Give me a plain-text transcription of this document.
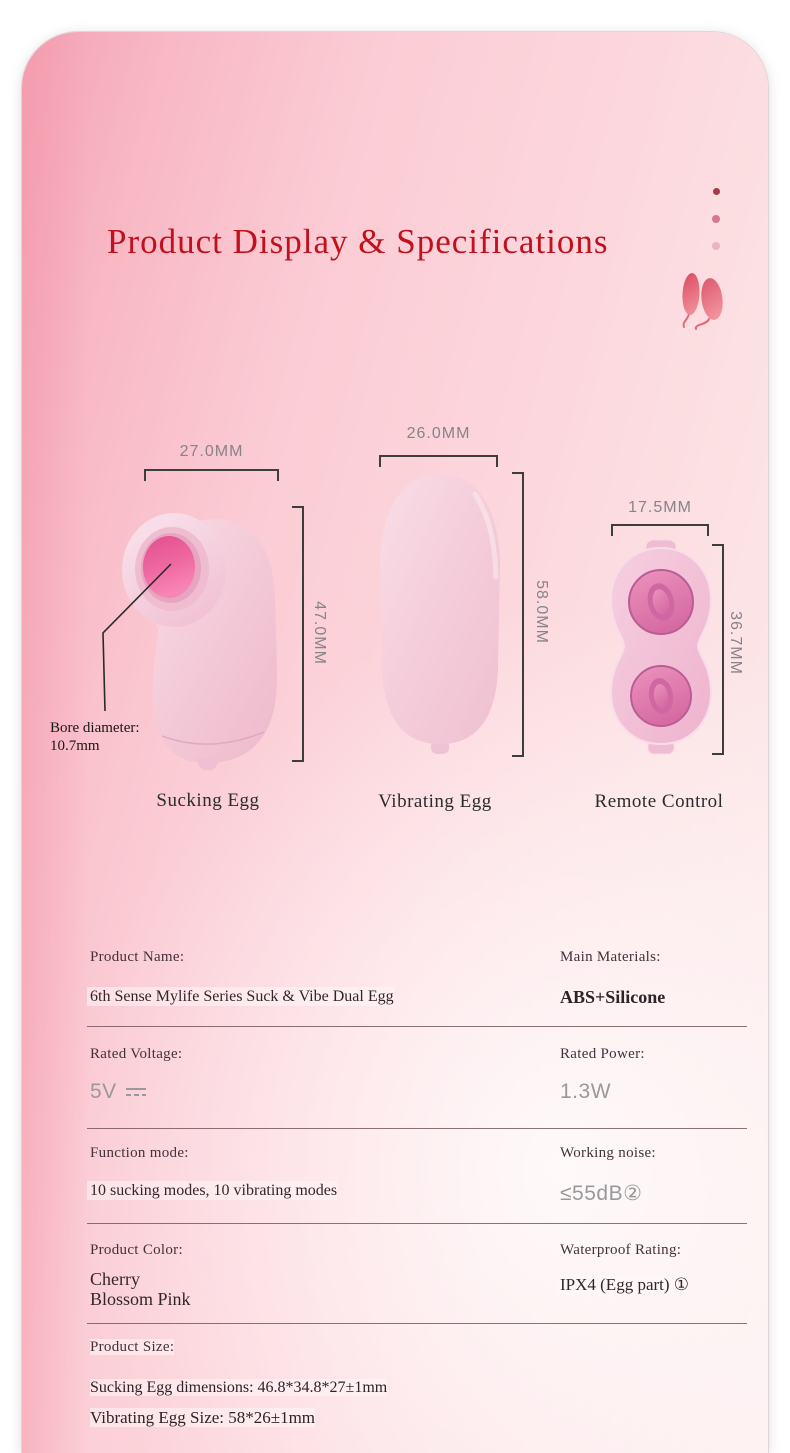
Product Display & Specifications
27.0MM
47.0MM
Bore diameter:
10.7mm
Sucking Egg
26.0MM
58.0MM
Vibrating Egg
17.5MM
36.7MM
Remote Control
Product Name:
6th Sense Mylife Series Suck & Vibe Dual Egg
Main Materials:
ABS+Silicone
Rated Voltage:
5V
Rated Power:
1.3W
Function mode:
10 sucking modes, 10 vibrating modes
Working noise:
≤55dB②
Product Color:
Cherry
Blossom Pink
Waterproof Rating:
IPX4 (Egg part) ①
Product Size:
Sucking Egg dimensions: 46.8*34.8*27±1mm
Vibrating Egg Size: 58*26±1mm
